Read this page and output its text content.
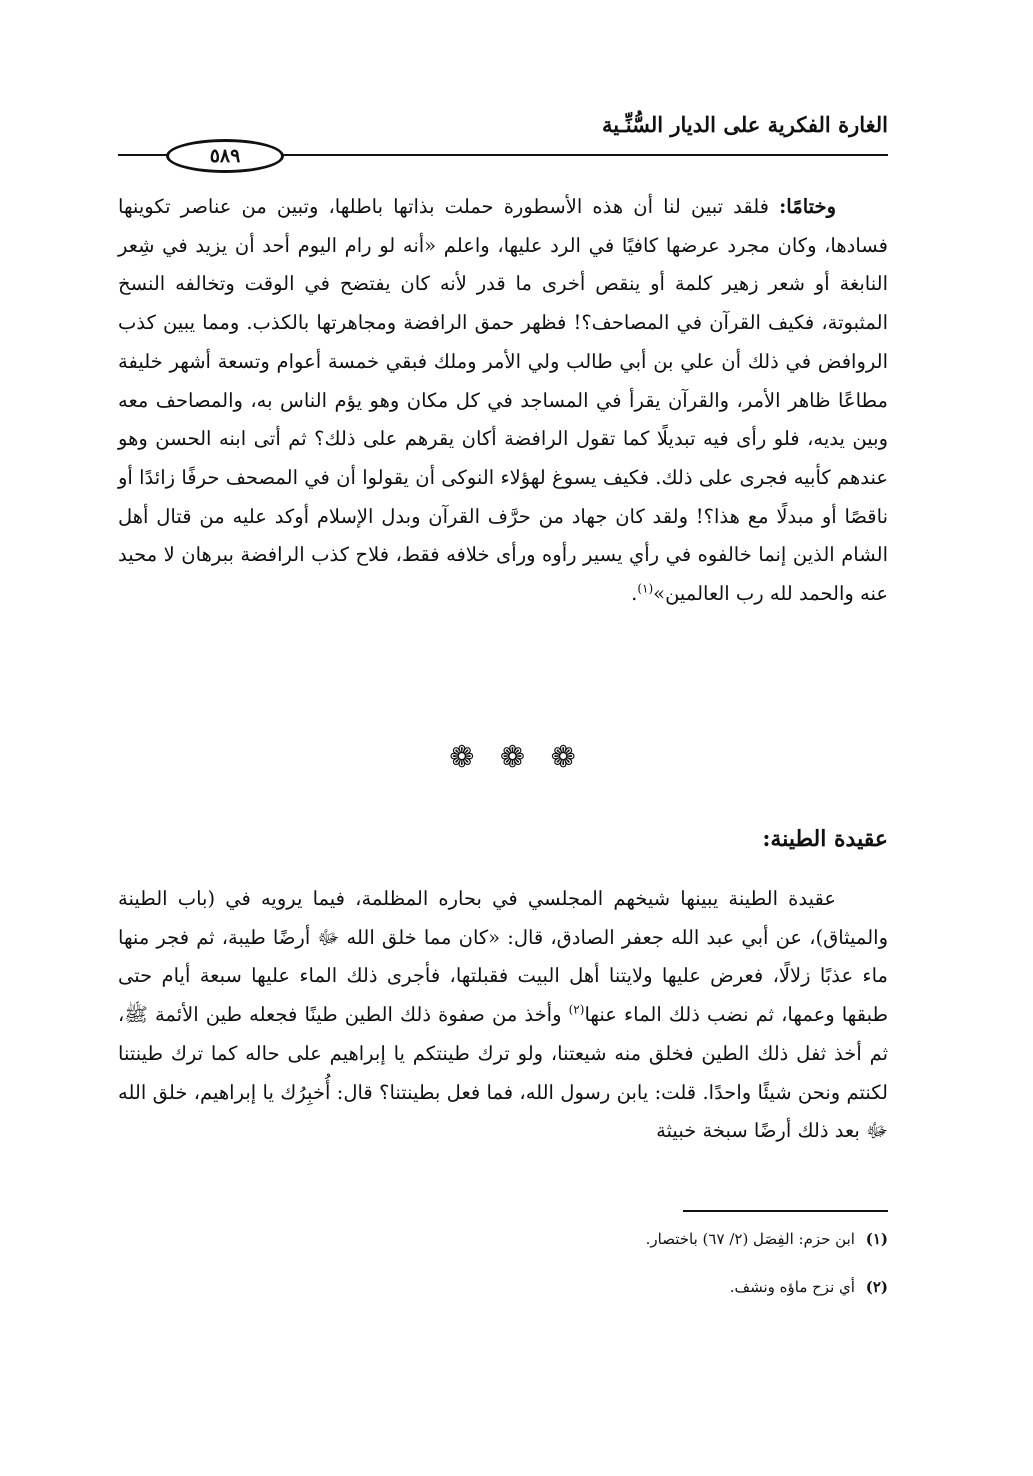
الغارة الفكرية على الديار السُّنِّـية
٥٨٩

وختامًا: فلقد تبين لنا أن هذه الأسطورة حملت بذاتها باطلها، وتبين من عناصر تكوينها فسادها، وكان مجرد عرضها كافيًا في الرد عليها، واعلم «أنه لو رام اليوم أحد أن يزيد في شِعر النابغة أو شعر زهير كلمة أو ينقص أخرى ما قدر لأنه كان يفتضح في الوقت وتخالفه النسخ المثبوتة، فكيف القرآن في المصاحف؟! فظهر حمق الرافضة ومجاهرتها بالكذب. ومما يبين كذب الروافض في ذلك أن علي بن أبي طالب ولي الأمر وملك فبقي خمسة أعوام وتسعة أشهر خليفة مطاعًا ظاهر الأمر، والقرآن يقرأ في المساجد في كل مكان وهو يؤم الناس به، والمصاحف معه وبين يديه، فلو رأى فيه تبديلًا كما تقول الرافضة أكان يقرهم على ذلك؟ ثم أتى ابنه الحسن وهو عندهم كأبيه فجرى على ذلك. فكيف يسوغ لهؤلاء النوكى أن يقولوا أن في المصحف حرفًا زائدًا أو ناقصًا أو مبدلًا مع هذا؟! ولقد كان جهاد من حرَّف القرآن وبدل الإسلام أوكد عليه من قتال أهل الشام الذين إنما خالفوه في رأي يسير رأوه ورأى خلافه فقط، فلاح كذب الرافضة ببرهان لا محيد عنه والحمد لله رب العالمين»$^{(١)}$.

❁ ❁ ❁
عقيدة الطينة:

عقيدة الطينة يبينها شيخهم المجلسي في بحاره المظلمة، فيما يرويه في (باب الطينة والميثاق)، عن أبي عبد الله جعفر الصادق، قال: «كان مما خلق الله ﷻ أرضًا طيبة، ثم فجر منها ماء عذبًا زلالًا، فعرض عليها ولايتنا أهل البيت فقبلتها، فأجرى ذلك الماء عليها سبعة أيام حتى طبقها وعمها، ثم نضب ذلك الماء عنها$^{(٢)}$ وأخذ من صفوة ذلك الطين طينًا فجعله طين الأئمة ﷺ، ثم أخذ ثفل ذلك الطين فخلق منه شيعتنا، ولو ترك طينتكم يا إبراهيم على حاله كما ترك طينتنا لكنتم ونحن شيئًا واحدًا. قلت: يابن رسول الله، فما فعل بطينتنا؟ قال: أُخبِرُك يا إبراهيم، خلق الله ﷻ بعد ذلك أرضًا سبخة خبيثة

(١) ابن حزم: الفِصَل (٢/ ٦٧) باختصار.

(٢) أي نزح ماؤه ونشف.
